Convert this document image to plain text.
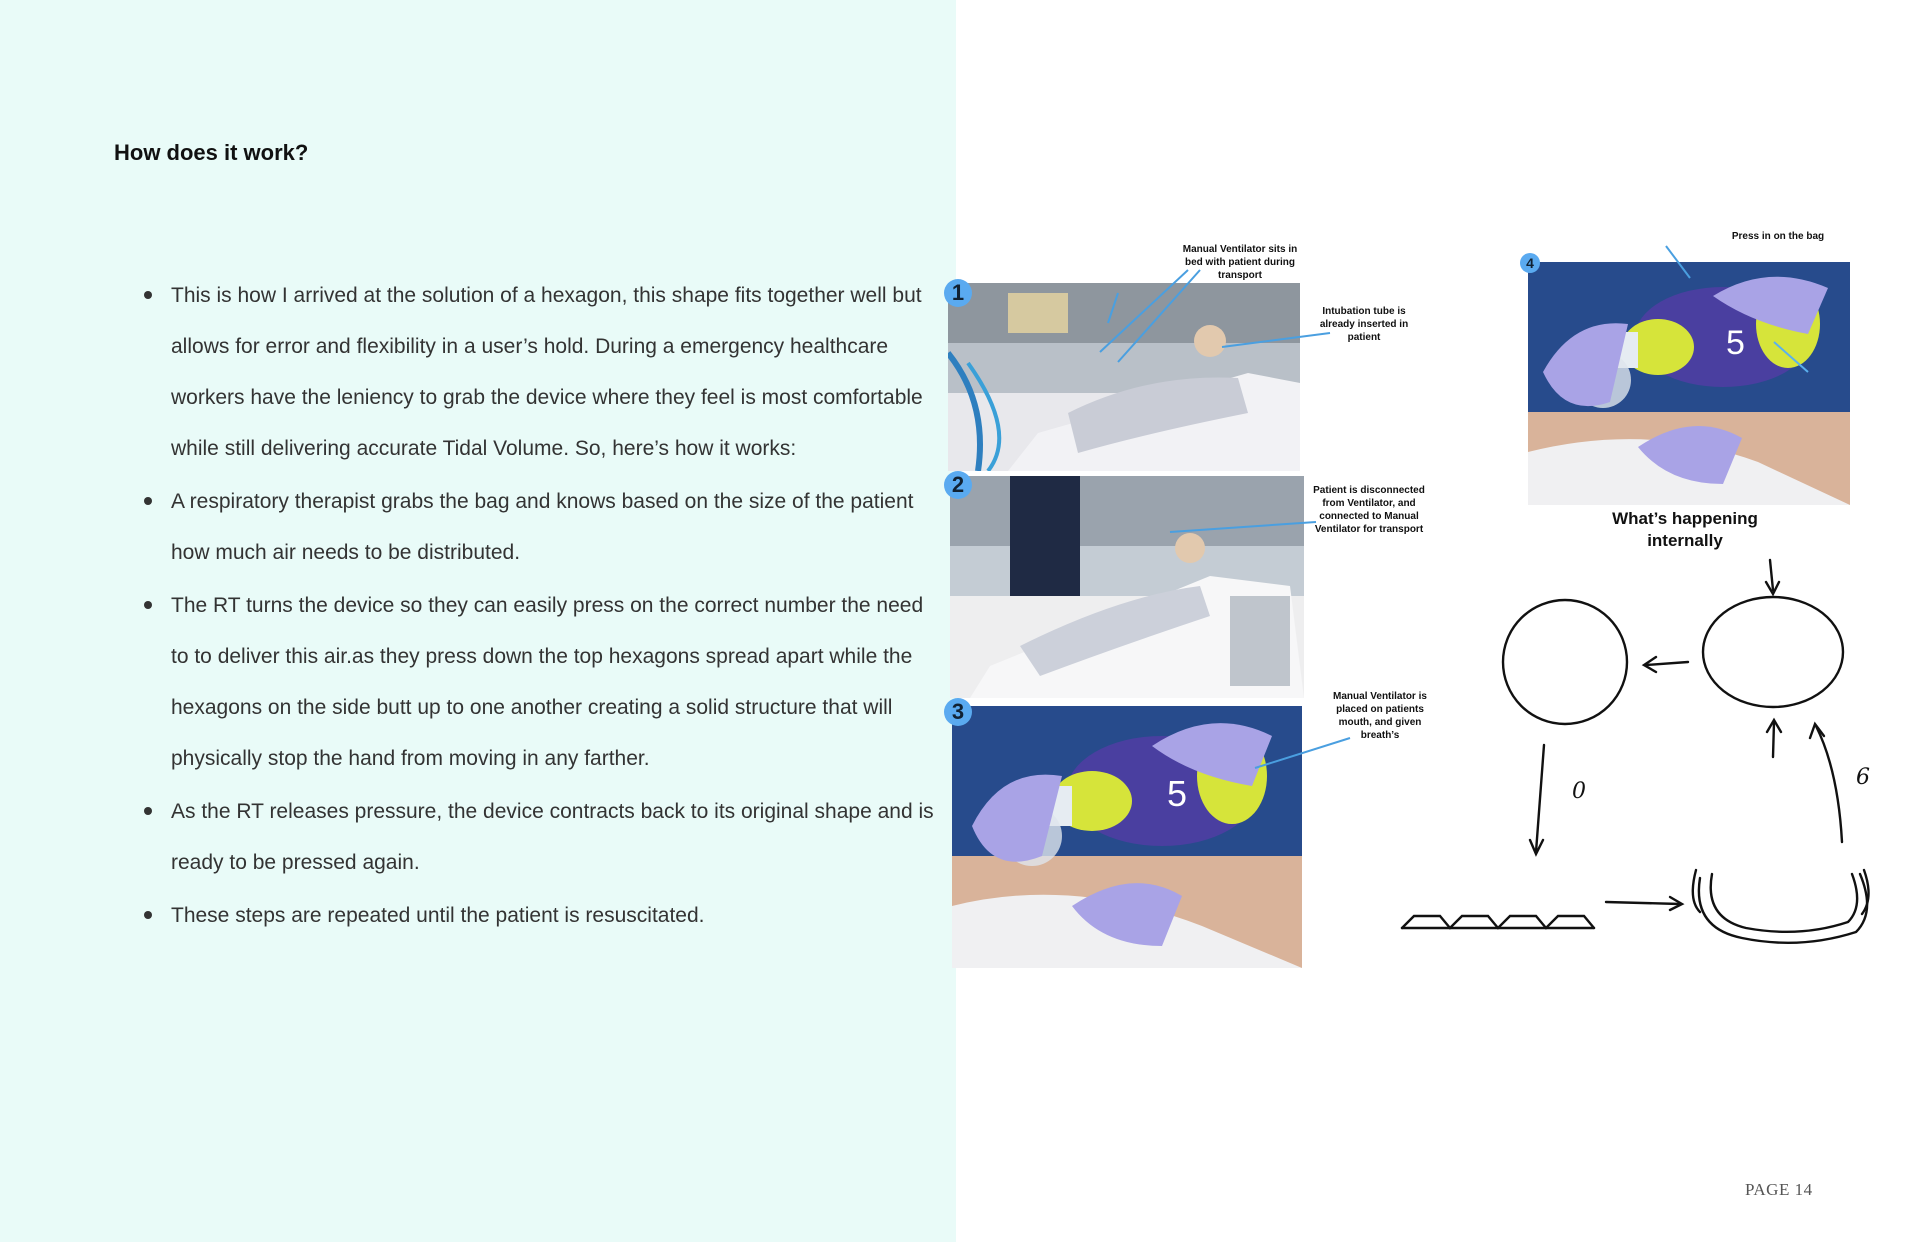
How does it work?
This is how I arrived at the solution of a hexagon, this shape fits together well but allows for error and flexibility in a user’s hold. During a emergency healthcare workers have the leniency to grab the device where they feel is most comfortable while still delivering accurate Tidal Volume. So, here’s how it works:
A respiratory therapist grabs the bag and knows based on the size of the patient how much air needs to be distributed.
The RT turns the device so they can easily press on the correct number the need to to deliver this air.as they press down the top hexagons spread apart while the hexagons on the side butt up to one another creating a solid structure that will physically stop the hand from moving in any farther.
As the RT releases pressure, the device contracts back to its original shape and is ready to be pressed again.
These steps are repeated until the patient is resuscitated.
1
2
5
3
5
4
Manual Ventilator sits in bed with patient during transport
Intubation tube is already inserted in patient
Patient is disconnected from Ventilator, and connected to Manual Ventilator for transport
Manual Ventilator is placed on patients mouth, and given breath’s
Press in on the bag
What’s happening internally
0
6
PAGE 14
